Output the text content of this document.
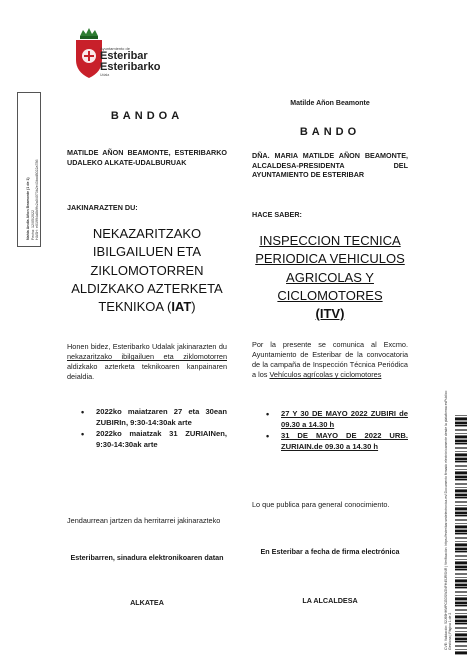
Ayuntamiento de
Esteribar
Esteribarko
Udala
Nahia Andia Añon Beamonte (1 de 1) Fecha: 12/05/2022 HASH: e01994a8b9fc2a04073b2e43bcd8022a786
CVE: Validación: 52J69HHMPCGDSW2NFH45JRSNR | Verificación: https://esteribar.sedelectronica.es/ Documento firmado electrónicamente desde la plataforma esPublico Gestiona | Página 1 de 2
BANDOA
MATILDE AÑON BEAMONTE, ESTERIBARKO UDALEKO ALKATE-UDALBURUAK
JAKINARAZTEN DU:
NEKAZARITZAKO
IBILGAILUEN ETA
ZIKLOMOTORREN
ALDIZKAKO AZTERKETA
TEKNIKOA (IAT)
Honen bidez, Esteribarko Udalak jakinarazten du nekazaritzako ibilgailuen eta ziklomotorren aldizkako azterketa teknikoaren kanpainaren deialdia.
• 2022ko maiatzaren 27 eta 30ean ZUBIRIn, 9:30-14:30ak arte
• 2022ko maiatzak 31 ZURIAINen, 9:30-14:30ak arte
Jendaurrean jartzen da herritarrei jakinarazteko
Esteribarren, sinadura elektronikoaren datan
ALKATEA
Matilde Añon Beamonte
BANDO
DÑA. MARIA MATILDE AÑON BEAMONTE, ALCALDESA-PRESIDENTA DEL AYUNTAMIENTO DE ESTERIBAR
HACE SABER:
INSPECCION TECNICA
PERIODICA VEHICULOS
AGRICOLAS Y
CICLOMOTORES
(ITV)
Por la presente se comunica al Excmo. Ayuntamiento de Esteribar de la convocatoria de la campaña de Inspección Técnica Periódica a los Vehículos agrícolas y ciclomotores
• 27 Y 30 DE MAYO 2022 ZUBIRI de 09.30 a 14.30 h
• 31 DE MAYO DE 2022 URB. ZURIAIN.de 09.30 a 14.30 h
Lo que publica para general conocimiento.
En Esteribar a fecha de firma electrónica
LA ALCALDESA
